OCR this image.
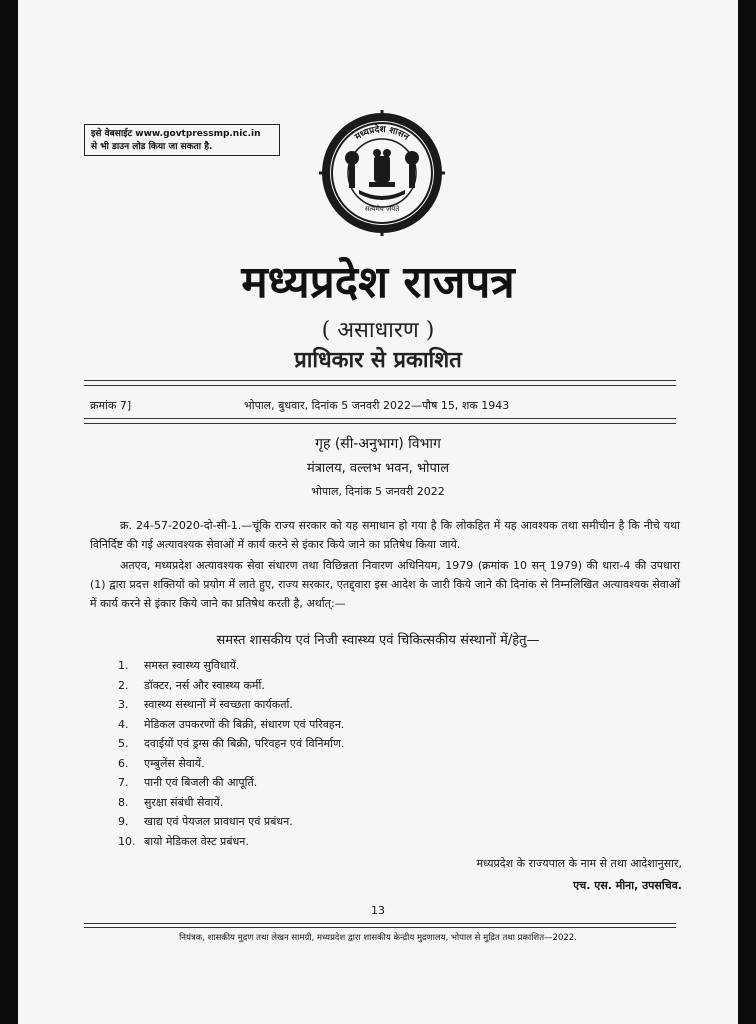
इसे वेबसाईट www.govtpressmp.nic.in
से भी डाउन लोड किया जा सकता है.
मध्यप्रदेश शासन
सत्यमेव जयते
मध्यप्रदेश राजपत्र
( असाधारण )
प्राधिकार से प्रकाशित
क्रमांक 7]	भोपाल, बुधवार, दिनांक 5 जनवरी 2022—पौष 15, शक 1943
गृह (सी-अनुभाग) विभाग
मंत्रालय, वल्लभ भवन, भोपाल
भोपाल, दिनांक 5 जनवरी 2022
क्र. 24-57-2020-दो-सी-1.—चूंकि राज्य सरकार को यह समाधान हो गया है कि लोकहित में यह आवश्यक तथा समीचीन है कि नीचे यथा विनिर्दिष्ट की गई अत्यावश्यक सेवाओं में कार्य करने से इंकार किये जाने का प्रतिषेध किया जाये.
अतएव, मध्यप्रदेश अत्यावश्यक सेवा संधारण तथा विछिन्नता निवारण अधिनियम, 1979 (क्रमांक 10 सन् 1979) की धारा-4 की उपधारा (1) द्वारा प्रदत्त शक्तियों को प्रयोग में लाते हुए, राज्य सरकार, एतद्द्वारा इस आदेश के जारी किये जाने की दिनांक से निम्नलिखित अत्यावश्यक सेवाओं में कार्य करने से इंकार किये जाने का प्रतिषेध करती है, अर्थात्:—
समस्त शासकीय एवं निजी स्वास्थ्य एवं चिकित्सकीय संस्थानों में/हेतु—
1. समस्त स्वास्थ्य सुविधायें.
2. डॉक्टर, नर्स और स्वास्थ्य कर्मी.
3. स्वास्थ्य संस्थानों में स्वच्छता कार्यकर्ता.
4. मेडिकल उपकरणों की बिक्री, संधारण एवं परिवहन.
5. दवाईयों एवं ड्रग्स की बिक्री, परिवहन एवं विनिर्माण.
6. एम्बुलेंस सेवायें.
7. पानी एवं बिजली की आपूर्ति.
8. सुरक्षा संबंधी सेवायें.
9. खाद्य एवं पेयजल प्रावधान एवं प्रबंधन.
10. बायो मेडिकल वेस्ट प्रबंधन.
मध्यप्रदेश के राज्यपाल के नाम से तथा आदेशानुसार,
एच. एस. मीना, उपसचिव.
13
नियंत्रक, शासकीय मुद्रण तथा लेखन सामग्री, मध्यप्रदेश द्वारा शासकीय केन्द्रीय मुद्रणालय, भोपाल से मुद्रित तथा प्रकाशित—2022.
